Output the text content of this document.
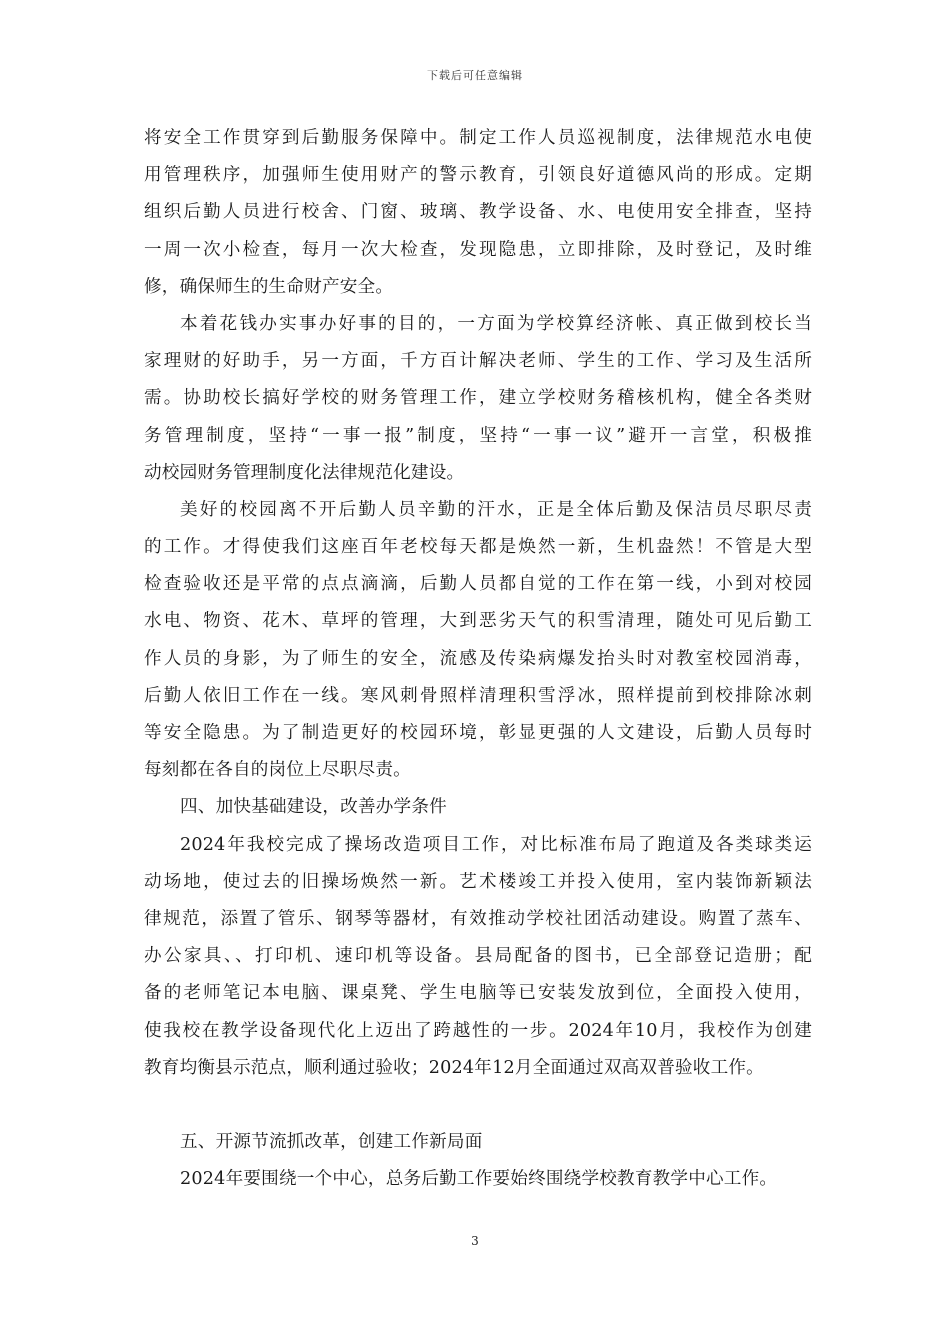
下载后可任意编辑
将安全工作贯穿到后勤服务保障中。制定工作人员巡视制度，法律规范水电使
用管理秩序，加强师生使用财产的警示教育，引领良好道德风尚的形成。定期
组织后勤人员进行校舍、门窗、玻璃、教学设备、水、电使用安全排查，坚持
一周一次小检查，每月一次大检查，发现隐患，立即排除，及时登记，及时维
修，确保师生的生命财产安全。
本着花钱办实事办好事的目的，一方面为学校算经济帐、真正做到校长当
家理财的好助手，另一方面，千方百计解决老师、学生的工作、学习及生活所
需。协助校长搞好学校的财务管理工作，建立学校财务稽核机构，健全各类财
务管理制度，坚持“一事一报”制度，坚持“一事一议”避开一言堂，积极推
动校园财务管理制度化法律规范化建设。
美好的校园离不开后勤人员辛勤的汗水，正是全体后勤及保洁员尽职尽责
的工作。才得使我们这座百年老校每天都是焕然一新，生机盎然！不管是大型
检查验收还是平常的点点滴滴，后勤人员都自觉的工作在第一线，小到对校园
水电、物资、花木、草坪的管理，大到恶劣天气的积雪清理，随处可见后勤工
作人员的身影，为了师生的安全，流感及传染病爆发抬头时对教室校园消毒，
后勤人依旧工作在一线。寒风刺骨照样清理积雪浮冰，照样提前到校排除冰刺
等安全隐患。为了制造更好的校园环境，彰显更强的人文建设，后勤人员每时
每刻都在各自的岗位上尽职尽责。
四、加快基础建设，改善办学条件
2024年我校完成了操场改造项目工作，对比标准布局了跑道及各类球类运
动场地，使过去的旧操场焕然一新。艺术楼竣工并投入使用，室内装饰新颖法
律规范，添置了管乐、钢琴等器材，有效推动学校社团活动建设。购置了蒸车、
办公家具、、打印机、速印机等设备。县局配备的图书，已全部登记造册；配
备的老师笔记本电脑、课桌凳、学生电脑等已安装发放到位，全面投入使用，
使我校在教学设备现代化上迈出了跨越性的一步。2024年10月，我校作为创建
教育均衡县示范点，顺利通过验收；2024年12月全面通过双高双普验收工作。
五、开源节流抓改革，创建工作新局面
2024年要围绕一个中心，总务后勤工作要始终围绕学校教育教学中心工作。
3
